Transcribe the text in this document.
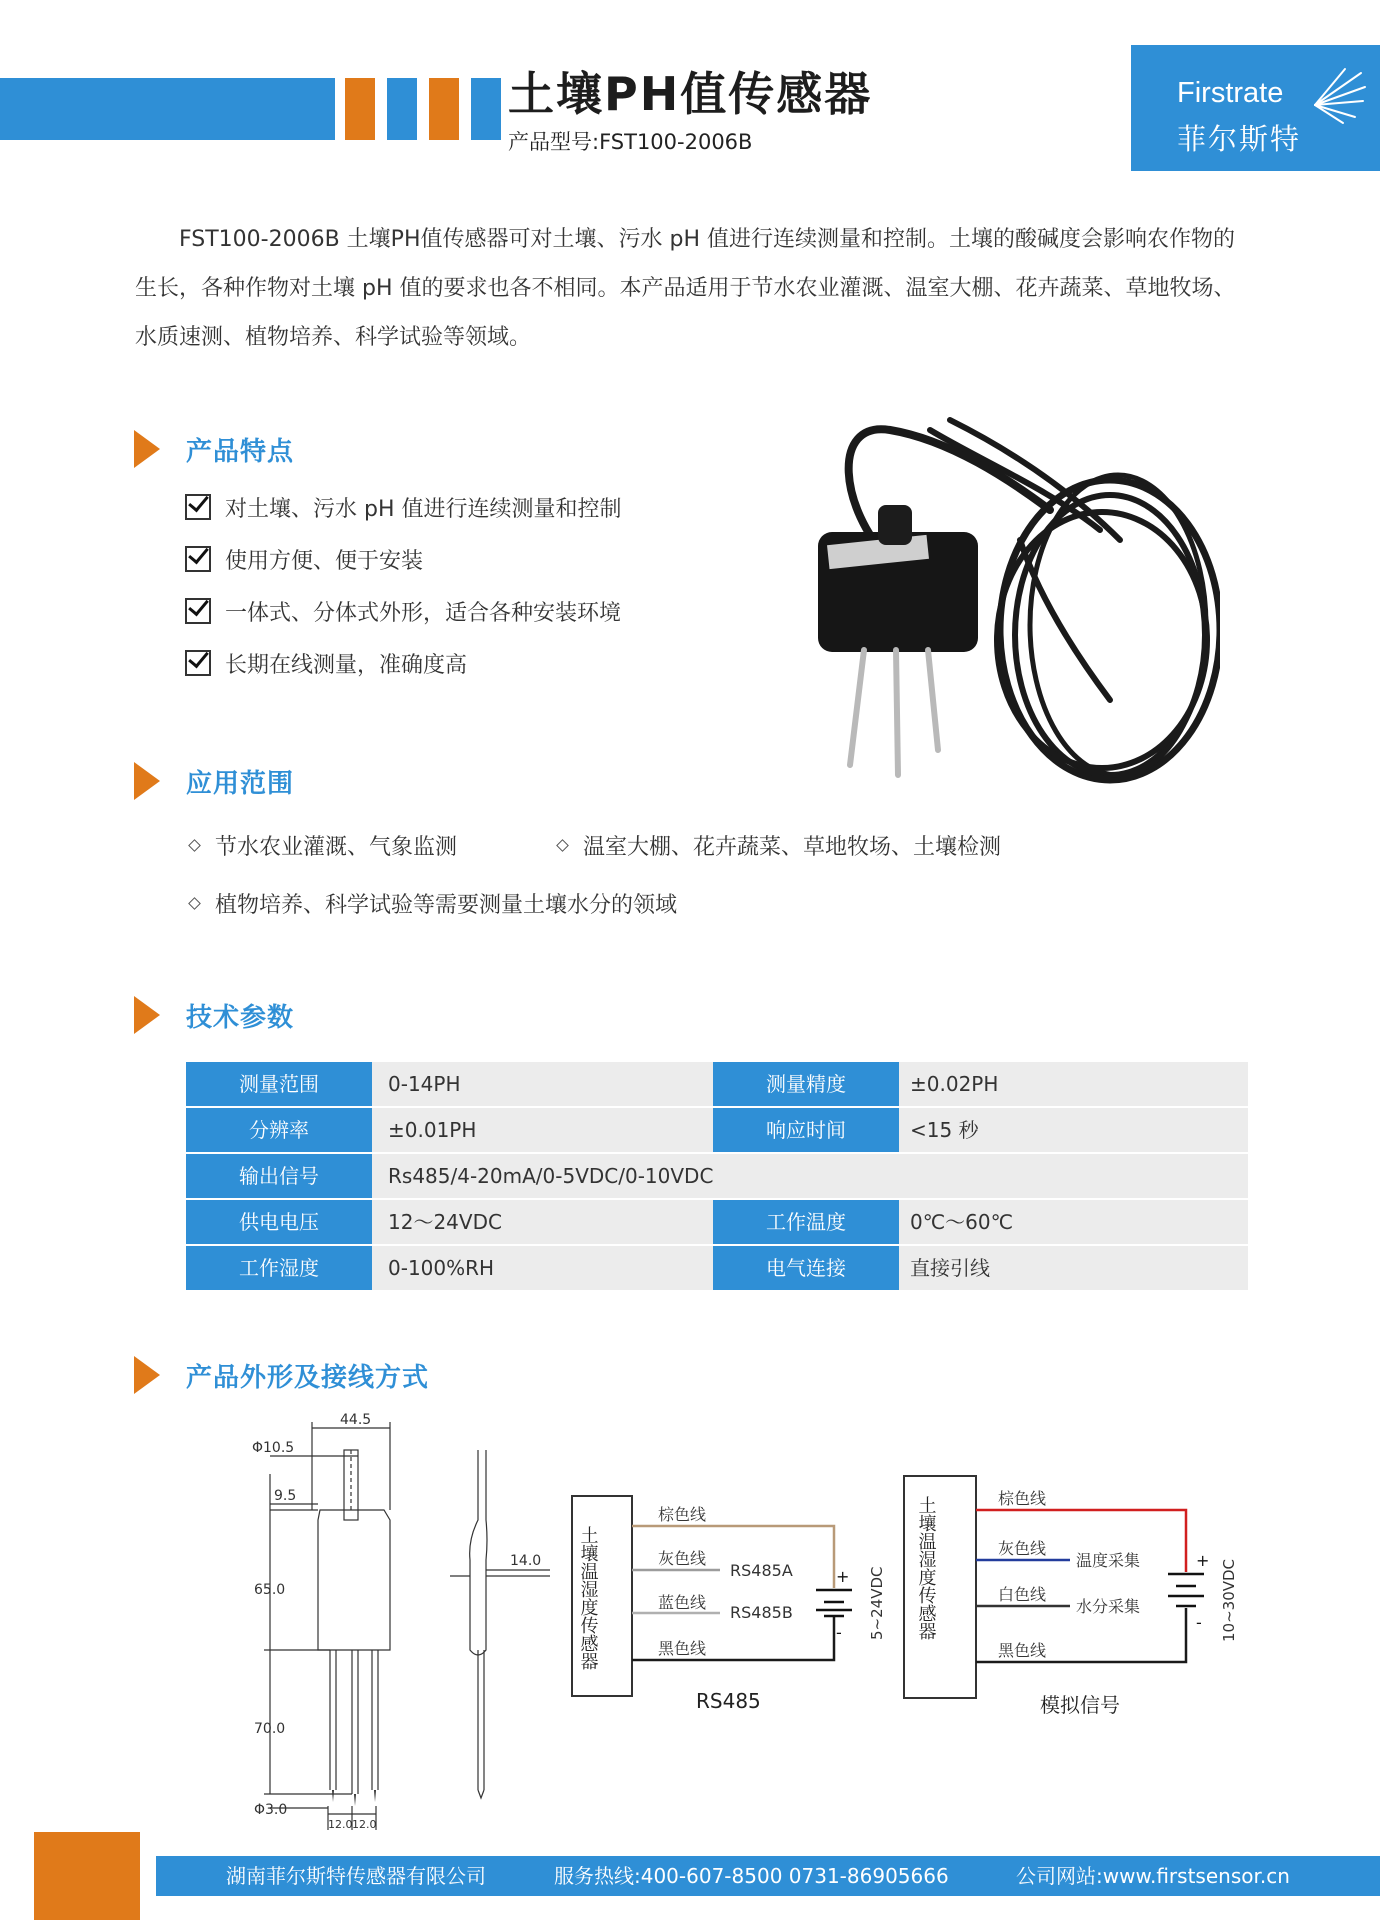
土壤PH值传感器
产品型号:FST100-2006B
Firstrate
菲尔斯特
FST100-2006B 土壤PH值传感器可对土壤、污水 pH 值进行连续测量和控制。土壤的酸碱度会影响农作物的生长，各种作物对土壤 pH 值的要求也各不相同。本产品适用于节水农业灌溉、温室大棚、花卉蔬菜、草地牧场、水质速测、植物培养、科学试验等领域。
产品特点
对土壤、污水 pH 值进行连续测量和控制
使用方便、便于安装
一体式、分体式外形，适合各种安装环境
长期在线测量，准确度高
应用范围
节水农业灌溉、气象监测	温室大棚、花卉蔬菜、草地牧场、土壤检测
植物培养、科学试验等需要测量土壤水分的领域
技术参数
测量范围	0-14PH	测量精度	±0.02PH
分辨率	±0.01PH	响应时间	<15 秒
输出信号	Rs485/4-20mA/0-5VDC/0-10VDC
供电电压	12～24VDC	工作温度	0℃～60℃
工作湿度	0-100%RH	电气连接	直接引线
产品外形及接线方式
44.5
Φ10.5
9.5
65.0
70.0
Φ3.0
12.0 12.0
14.0
+
-
棕色线
灰色线
蓝色线
黑色线
RS485A
RS485B	5~24VDC
RS485
土壤温湿度传感器	+
-
棕色线
灰色线
白色线
黑色线
温度采集
水分采集	10~30VDC
模拟信号
土壤温湿度传感器
湖南菲尔斯特传感器有限公司	服务热线:400-607-8500 0731-86905666	公司网站:www.firstsensor.cn
